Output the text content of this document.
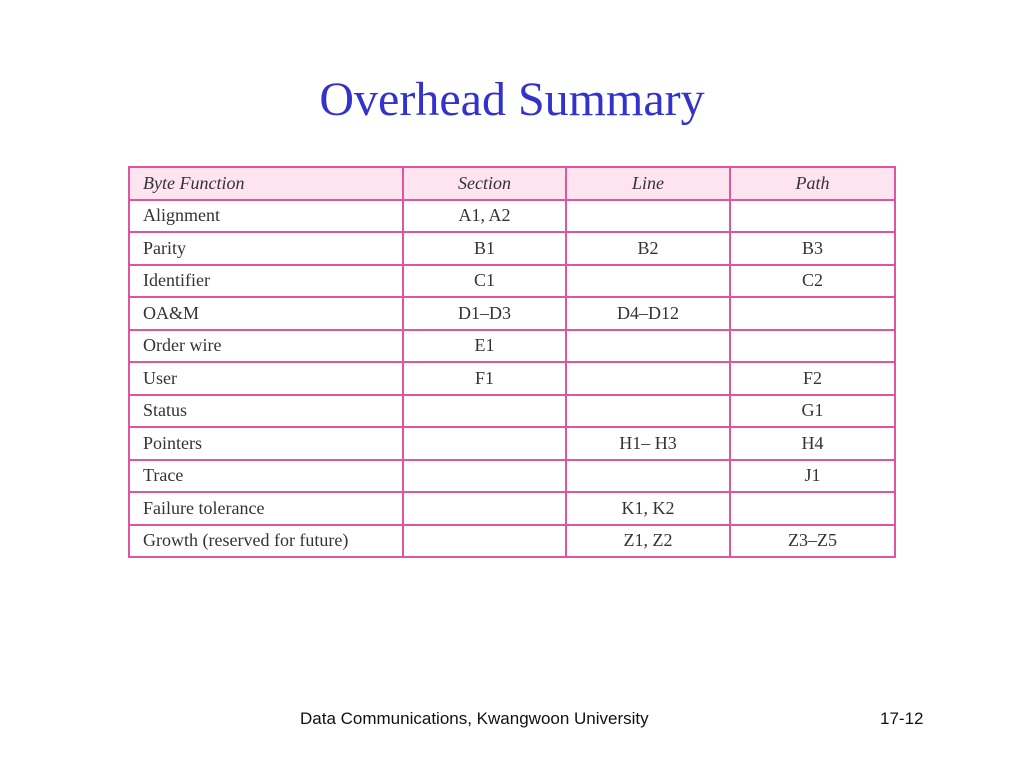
Overhead Summary
Byte Function	Section	Line	Path
Alignment	A1, A2		
Parity	B1	B2	B3
Identifier	C1		C2
OA&M	D1–D3	D4–D12	
Order wire	E1		
User	F1		F2
Status			G1
Pointers		H1– H3	H4
Trace			J1
Failure tolerance		K1, K2	
Growth (reserved for future)		Z1, Z2	Z3–Z5
Data Communications, Kwangwoon University	17-12
